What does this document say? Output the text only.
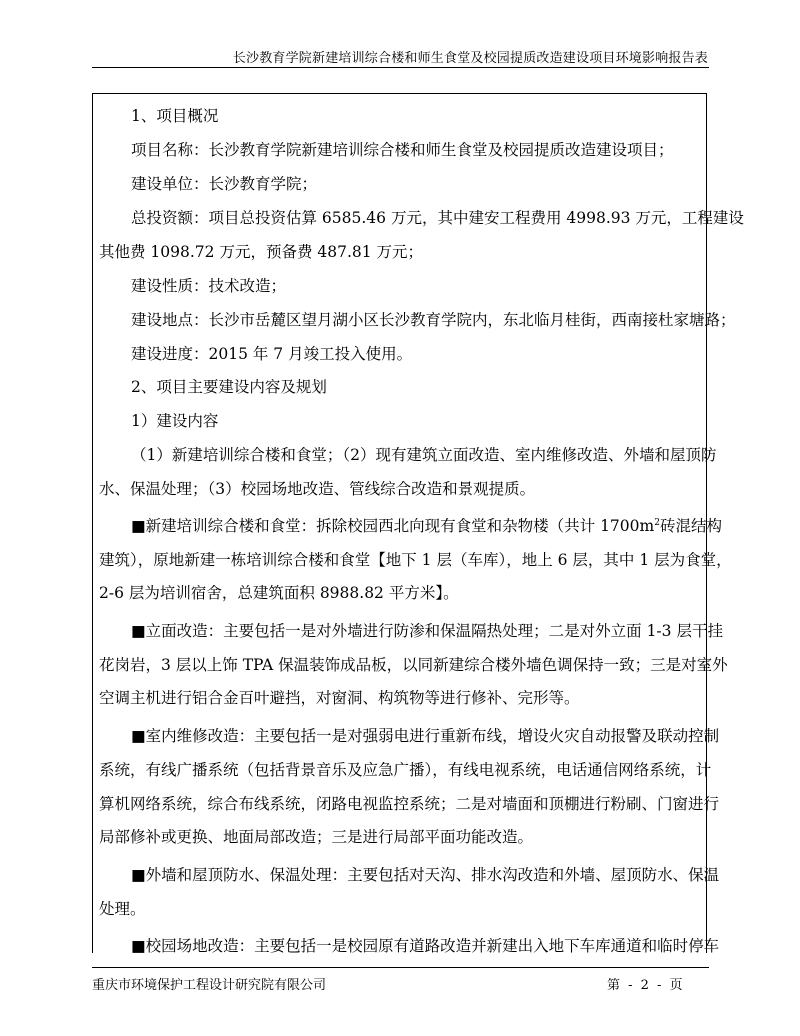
长沙教育学院新建培训综合楼和师生食堂及校园提质改造建设项目环境影响报告表
1、项目概况
项目名称：长沙教育学院新建培训综合楼和师生食堂及校园提质改造建设项目；
建设单位：长沙教育学院；
总投资额：项目总投资估算 6585.46 万元，其中建安工程费用 4998.93 万元，工程建设
其他费 1098.72 万元，预备费 487.81 万元；
建设性质：技术改造；
建设地点：长沙市岳麓区望月湖小区长沙教育学院内，东北临月桂街，西南接杜家塘路；
建设进度：2015 年 7 月竣工投入使用。
2、项目主要建设内容及规划
1）建设内容
（1）新建培训综合楼和食堂；（2）现有建筑立面改造、室内维修改造、外墙和屋顶防
水、保温处理；（3）校园场地改造、管线综合改造和景观提质。
■新建培训综合楼和食堂：拆除校园西北向现有食堂和杂物楼（共计 $1700m^2$砖混结构
建筑），原地新建一栋培训综合楼和食堂【地下 1 层（车库），地上 6 层，其中 1 层为食堂，
2-6 层为培训宿舍，总建筑面积 8988.82 平方米】。
■立面改造：主要包括一是对外墙进行防渗和保温隔热处理；二是对外立面 1-3 层干挂
花岗岩，3 层以上饰 TPA 保温装饰成品板，以同新建综合楼外墙色调保持一致；三是对室外
空调主机进行铝合金百叶避挡，对窗洞、构筑物等进行修补、完形等。
■室内维修改造：主要包括一是对强弱电进行重新布线，增设火灾自动报警及联动控制
系统，有线广播系统（包括背景音乐及应急广播），有线电视系统，电话通信网络系统，计
算机网络系统，综合布线系统，闭路电视监控系统；二是对墙面和顶棚进行粉刷、门窗进行
局部修补或更换、地面局部改造；三是进行局部平面功能改造。
■外墙和屋顶防水、保温处理：主要包括对天沟、排水沟改造和外墙、屋顶防水、保温
处理。
■校园场地改造：主要包括一是校园原有道路改造并新建出入地下车库通道和临时停车
重庆市环境保护工程设计研究院有限公司	第 - 2 - 页
